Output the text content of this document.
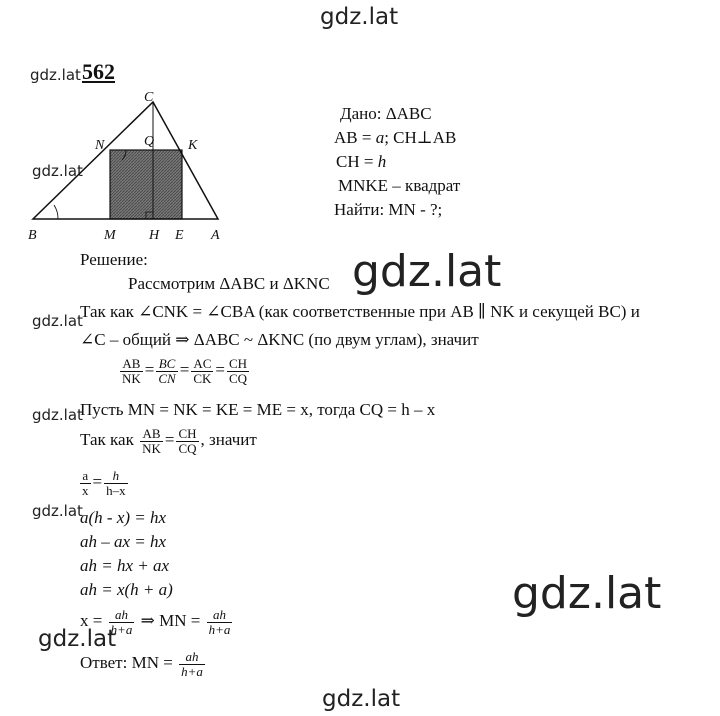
gdz.lat
gdz.lat
gdz.lat
gdz.lat
gdz.lat
gdz.lat
gdz.lat
gdz.lat
gdz.lat
gdz.lat
562
C
N	Q K
B	M H E A
Дано: ΔABC
AB = a; CH⊥AB
CH = h
MNKE – квадрат
Найти: MN - ?;
Решение:
Рассмотрим ΔABC и ΔKNC
Так как ∠CNK = ∠CBA (как соответственные при AB ∥ NK и секущей BC) и
∠C – общий ⇒ ΔABC ~ ΔKNC (по двум углам), значит
$\frac{AB}{NK} = \frac{BC}{CN} = \frac{AC}{CK} = \frac{CH}{CQ}$
Пусть MN = NK = KE = ME = x, тогда CQ = h – x
Так как $\frac{AB}{NK} = \frac{CH}{CQ}$ , значит
$\frac{a}{x} = \frac{h}{h-x}$
a(h - x) = hx
ah – ax = hx
ah = hx + ax
ah = x(h + a)
$x = \frac{ah}{h+a}$ ⇒ MN = $\frac{ah}{h+a}$
Ответ: MN = $\frac{ah}{h+a}$
